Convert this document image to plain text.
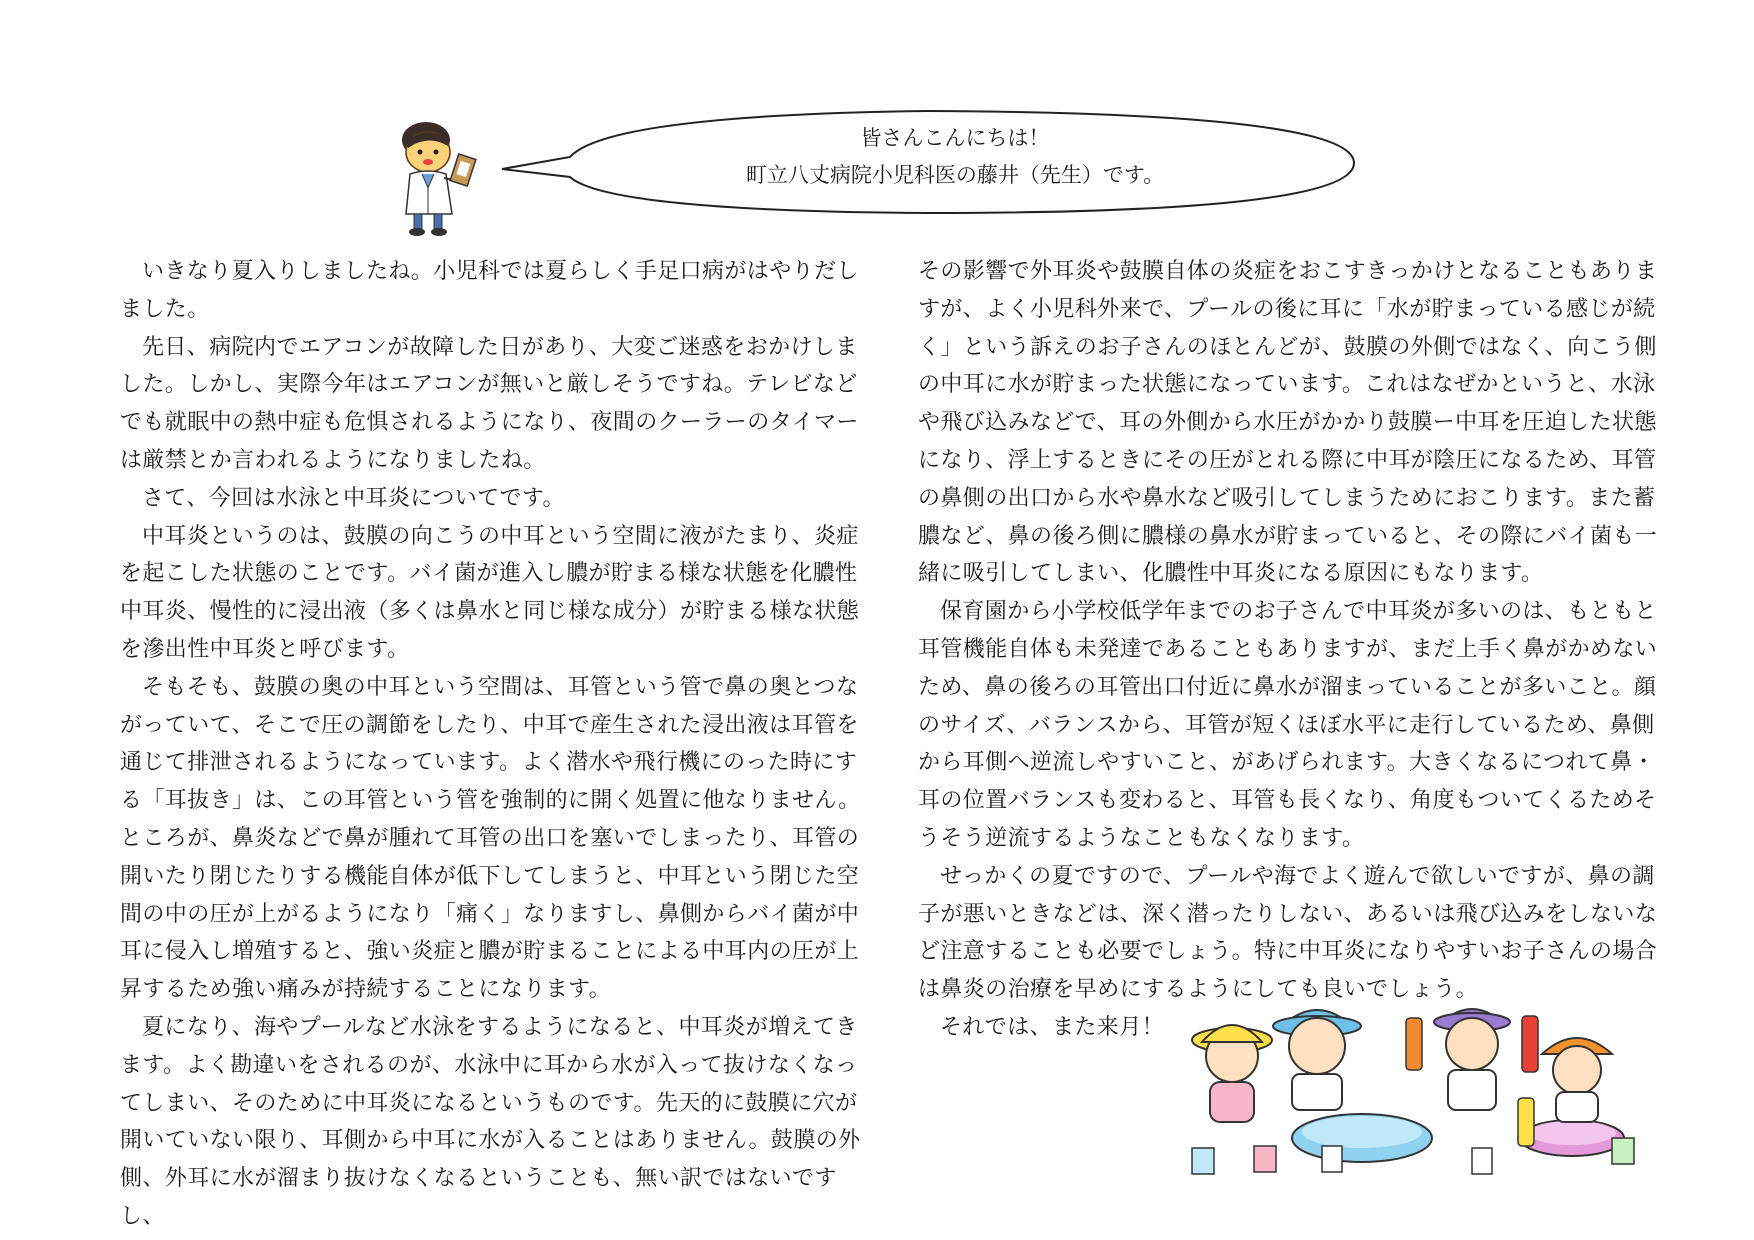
皆さんこんにちは！
町立八丈病院小児科医の藤井（先生）です。

いきなり夏入りしましたね。小児科では夏らしく手足口病がはやりだしました。

先日、病院内でエアコンが故障した日があり、大変ご迷惑をおかけしました。しかし、実際今年はエアコンが無いと厳しそうですね。テレビなどでも就眠中の熱中症も危惧されるようになり、夜間のクーラーのタイマーは厳禁とか言われるようになりましたね。

さて、今回は水泳と中耳炎についてです。

中耳炎というのは、鼓膜の向こうの中耳という空間に液がたまり、炎症を起こした状態のことです。バイ菌が進入し膿が貯まる様な状態を化膿性中耳炎、慢性的に浸出液（多くは鼻水と同じ様な成分）が貯まる様な状態を滲出性中耳炎と呼びます。

そもそも、鼓膜の奥の中耳という空間は、耳管という管で鼻の奥とつながっていて、そこで圧の調節をしたり、中耳で産生された浸出液は耳管を通じて排泄されるようになっています。よく潜水や飛行機にのった時にする「耳抜き」は、この耳管という管を強制的に開く処置に他なりません。ところが、鼻炎などで鼻が腫れて耳管の出口を塞いでしまったり、耳管の開いたり閉じたりする機能自体が低下してしまうと、中耳という閉じた空間の中の圧が上がるようになり「痛く」なりますし、鼻側からバイ菌が中耳に侵入し増殖すると、強い炎症と膿が貯まることによる中耳内の圧が上昇するため強い痛みが持続することになります。

夏になり、海やプールなど水泳をするようになると、中耳炎が増えてきます。よく勘違いをされるのが、水泳中に耳から水が入って抜けなくなってしまい、そのために中耳炎になるというものです。先天的に鼓膜に穴が開いていない限り、耳側から中耳に水が入ることはありません。鼓膜の外側、外耳に水が溜まり抜けなくなるということも、無い訳ではないですし、

その影響で外耳炎や鼓膜自体の炎症をおこすきっかけとなることもありますが、よく小児科外来で、プールの後に耳に「水が貯まっている感じが続く」という訴えのお子さんのほとんどが、鼓膜の外側ではなく、向こう側の中耳に水が貯まった状態になっています。これはなぜかというと、水泳や飛び込みなどで、耳の外側から水圧がかかり鼓膜ー中耳を圧迫した状態になり、浮上するときにその圧がとれる際に中耳が陰圧になるため、耳管の鼻側の出口から水や鼻水など吸引してしまうためにおこります。また蓄膿など、鼻の後ろ側に膿様の鼻水が貯まっていると、その際にバイ菌も一緒に吸引してしまい、化膿性中耳炎になる原因にもなります。

保育園から小学校低学年までのお子さんで中耳炎が多いのは、もともと耳管機能自体も未発達であることもありますが、まだ上手く鼻がかめないため、鼻の後ろの耳管出口付近に鼻水が溜まっていることが多いこと。顔のサイズ、バランスから、耳管が短くほぼ水平に走行しているため、鼻側から耳側へ逆流しやすいこと、があげられます。大きくなるにつれて鼻・耳の位置バランスも変わると、耳管も長くなり、角度もついてくるためそうそう逆流するようなこともなくなります。

せっかくの夏ですので、プールや海でよく遊んで欲しいですが、鼻の調子が悪いときなどは、深く潜ったりしない、あるいは飛び込みをしないなど注意することも必要でしょう。特に中耳炎になりやすいお子さんの場合は鼻炎の治療を早めにするようにしても良いでしょう。

それでは、また来月！
